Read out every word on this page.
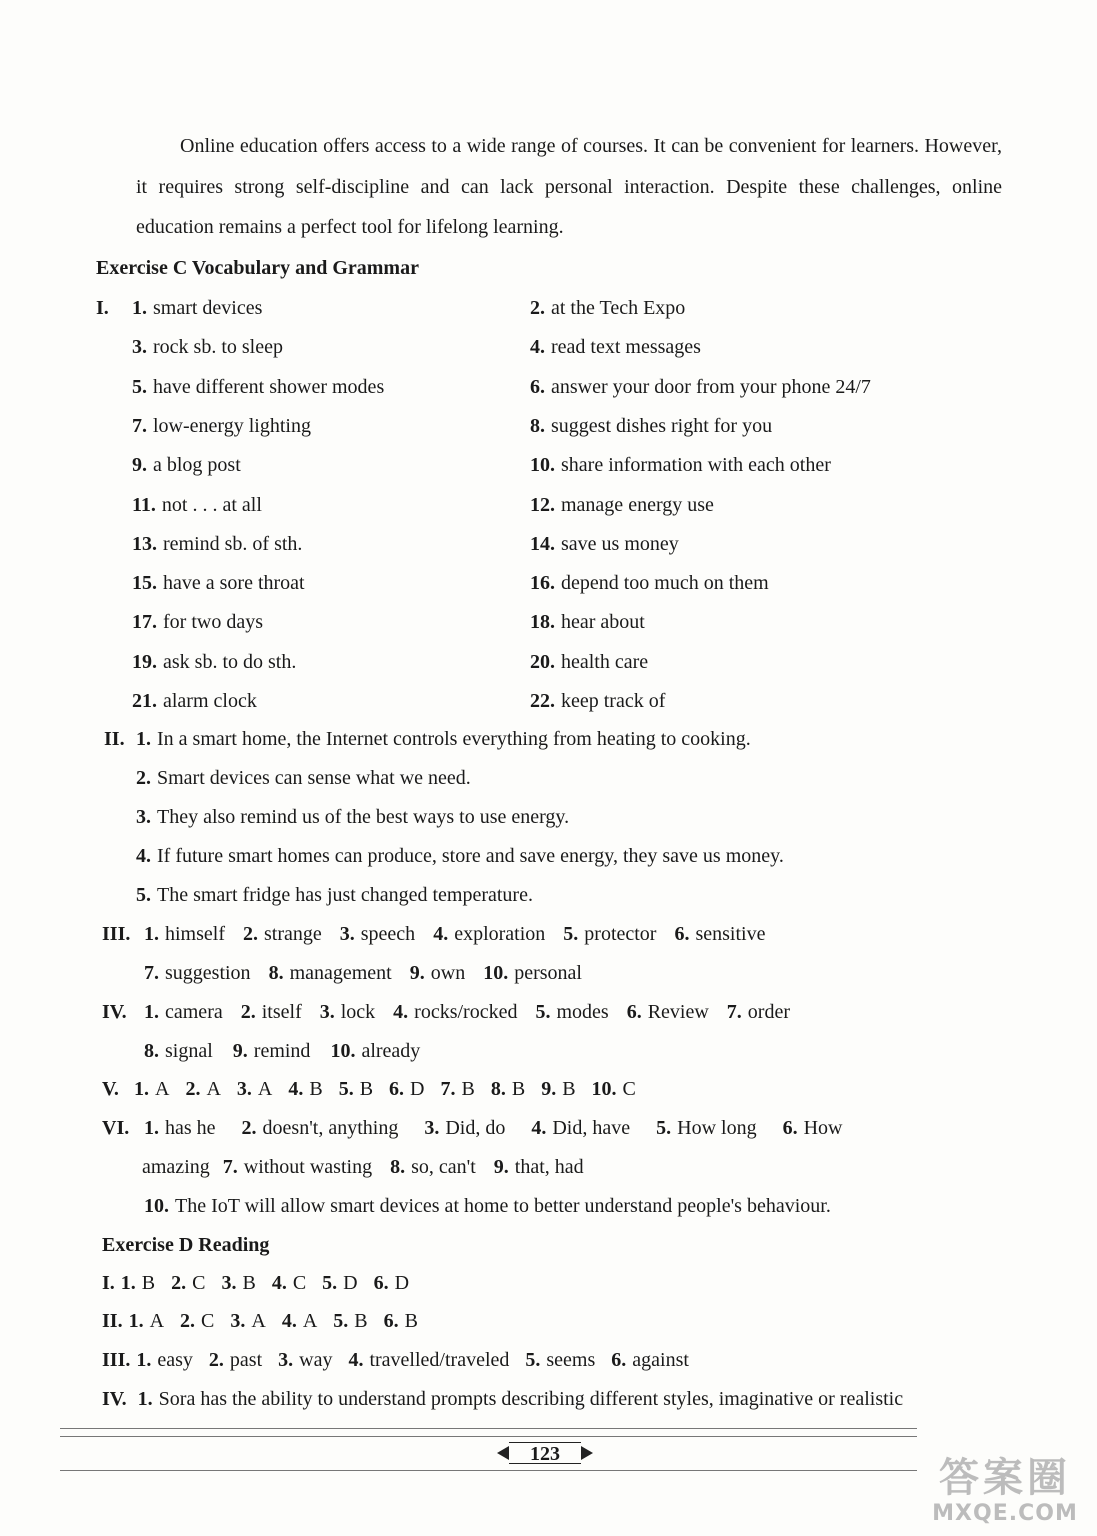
Online education offers access to a wide range of courses. It can be convenient for learners. However, it requires strong self-discipline and can lack personal interaction. Despite these challenges, online education remains a perfect tool for lifelong learning.
Exercise C Vocabulary and Grammar
I. 1. smart devices	2. at the Tech Expo
3. rock sb. to sleep	4. read text messages
5. have different shower modes	6. answer your door from your phone 24/7
7. low-energy lighting	8. suggest dishes right for you
9. a blog post	10. share information with each other
11. not . . . at all	12. manage energy use
13. remind sb. of sth.	14. save us money
15. have a sore throat	16. depend too much on them
17. for two days	18. hear about
19. ask sb. to do sth.	20. health care
21. alarm clock	22. keep track of
II. 1. In a smart home, the Internet controls everything from heating to cooking.
2. Smart devices can sense what we need.
3. They also remind us of the best ways to use energy.
4. If future smart homes can produce, store and save energy, they save us money.
5. The smart fridge has just changed temperature.
III. 1. himself 2. strange 3. speech 4. exploration 5. protector 6. sensitive
7. suggestion 8. management 9. own 10. personal
IV. 1. camera 2. itself 3. lock 4. rocks/rocked 5. modes 6. Review 7. order
8. signal 9. remind 10. already
V. 1. A 2. A 3. A 4. B 5. B 6. D 7. B 8. B 9. B 10. C
VI. 1. has he 2. doesn't, anything 3. Did, do 4. Did, have 5. How long 6. How
amazing 7. without wasting 8. so, can't 9. that, had
10. The IoT will allow smart devices at home to better understand people's behaviour.
Exercise D Reading
I. 1. B 2. C 3. B 4. C 5. D 6. D
II. 1. A 2. C 3. A 4. A 5. B 6. B
III. 1. easy 2. past 3. way 4. travelled/traveled 5. seems 6. against
IV. 1. Sora has the ability to understand prompts describing different styles, imaginative or realistic
123
答案圈
MXQE.COM
